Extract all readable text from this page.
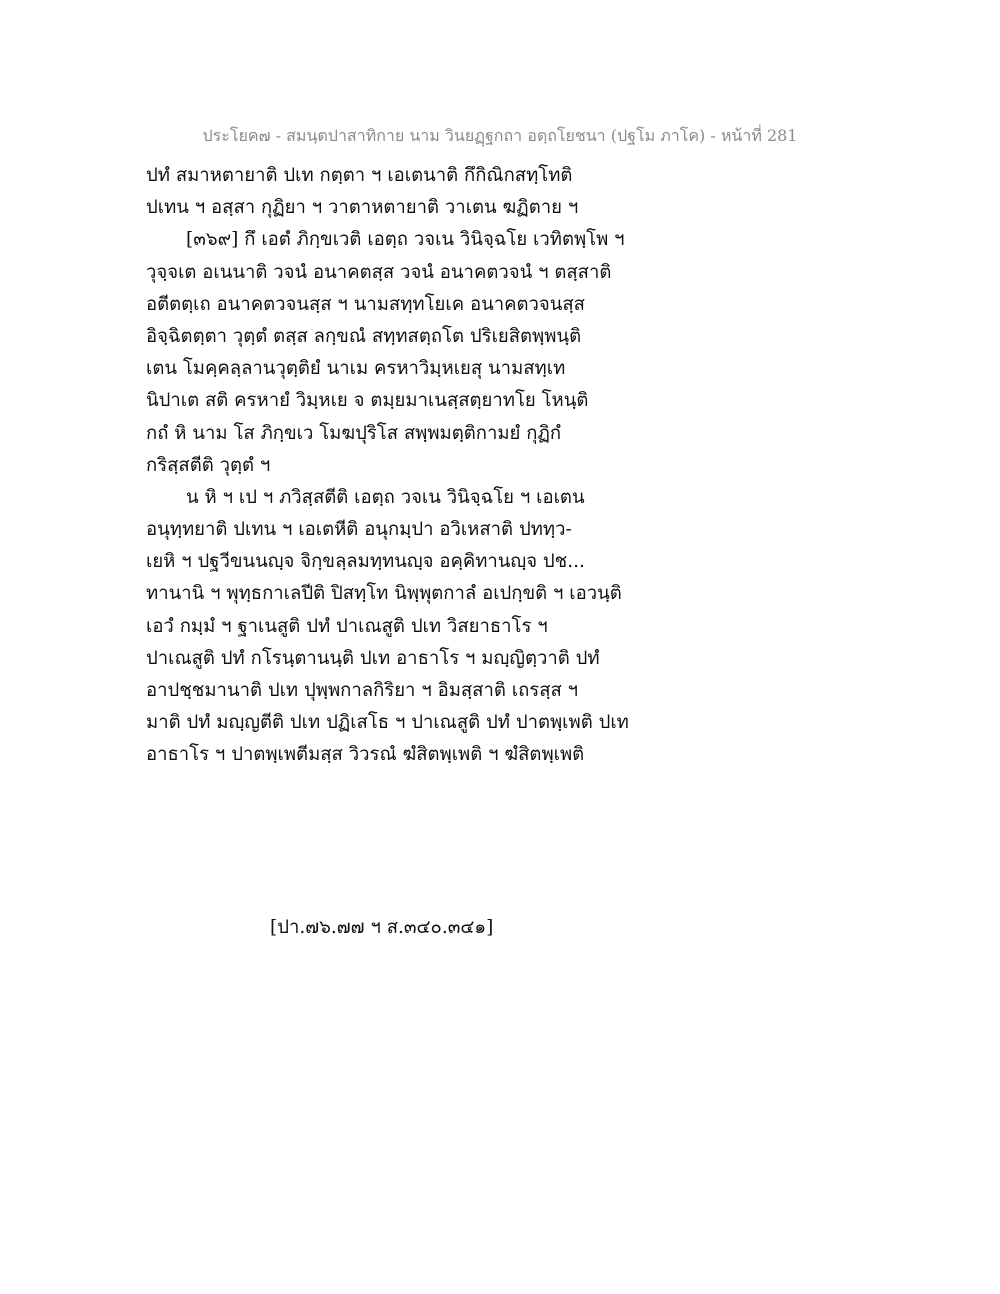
ประโยค๗ - สมนฺตปาสาทิกาย นาม วินยฏฺฐกถา อตฺถโยชนา (ปฐโม ภาโค) - หน้าที่ 281
ปทํ สมาหตายาติ ปเท กตฺตา ฯ เอเตนาติ กึกิณิกสทฺโทติ
ปเทน ฯ อสฺสา กุฏิยา ฯ วาตาหตายาติ วาเตน ฆฏิตาย ฯ
[๓๖๙] กึ เอตํ ภิกฺขเวติ เอตฺถ วจเน วินิจฺฉโย เวทิตพฺโพ ฯ
วุจฺจเต อเนนาติ วจนํ อนาคตสฺส วจนํ อนาคตวจนํ ฯ ตสฺสาติ
อตีตตฺเถ อนาคตวจนสฺส ฯ นามสทฺทโยเค อนาคตวจนสฺส
อิจฺฉิตตฺตา วุตฺตํ ตสฺส ลกฺขณํ สทฺทสตฺถโต ปริเยสิตพฺพนฺติ
เตน โมคฺคลฺลานวุตฺติยํ นาเม ครหาวิมฺหเยสุ นามสทฺเท
นิปาเต สติ ครหายํ วิมฺหเย จ ตมฺยมาเนสฺสตฺยาทโย โหนฺติ
กถํ หิ นาม โส ภิกฺขเว โมฆปุริโส สพฺพมตฺติกามยํ กุฏิกํ
กริสฺสตีติ วุตฺตํ ฯ
น หิ ฯ เป ฯ ภวิสฺสตีติ เอตฺถ วจเน วินิจฺฉโย ฯ เอเตน
อนุทฺทยาติ ปเทน ฯ เอเตหีติ อนุกมฺปา อวิเหสาติ ปททฺว-
เยหิ ฯ ปฐวีขนนญฺจ จิกฺขลฺลมทฺทนญฺจ อคฺคิทานญฺจ ปช...
ทานานิ ฯ พุทฺธกาเลปีติ ปิสทฺโท นิพฺพุตกาลํ อเปกฺขติ ฯ เอวนฺติ
เอวํ กมฺมํ ฯ ฐาเนสูติ ปทํ ปาเณสูติ ปเท วิสยาธาโร ฯ
ปาเณสูติ ปทํ กโรนฺตานนฺติ ปเท อาธาโร ฯ มญฺญิตฺวาติ ปทํ
อาปชฺชมานาติ ปเท ปุพฺพกาลกิริยา ฯ อิมสฺสาติ เถรสฺส ฯ
มาติ ปทํ มญฺญตีติ ปเท ปฏิเสโธ ฯ ปาเณสูติ ปทํ ปาตพฺเพติ ปเท
อาธาโร ฯ ปาตพฺเพตีมสฺส วิวรณํ ฆํสิตพฺเพติ ฯ ฆํสิตพฺเพติ
[ปา.๗๖.๗๗ ฯ ส.๓๔๐.๓๔๑]
